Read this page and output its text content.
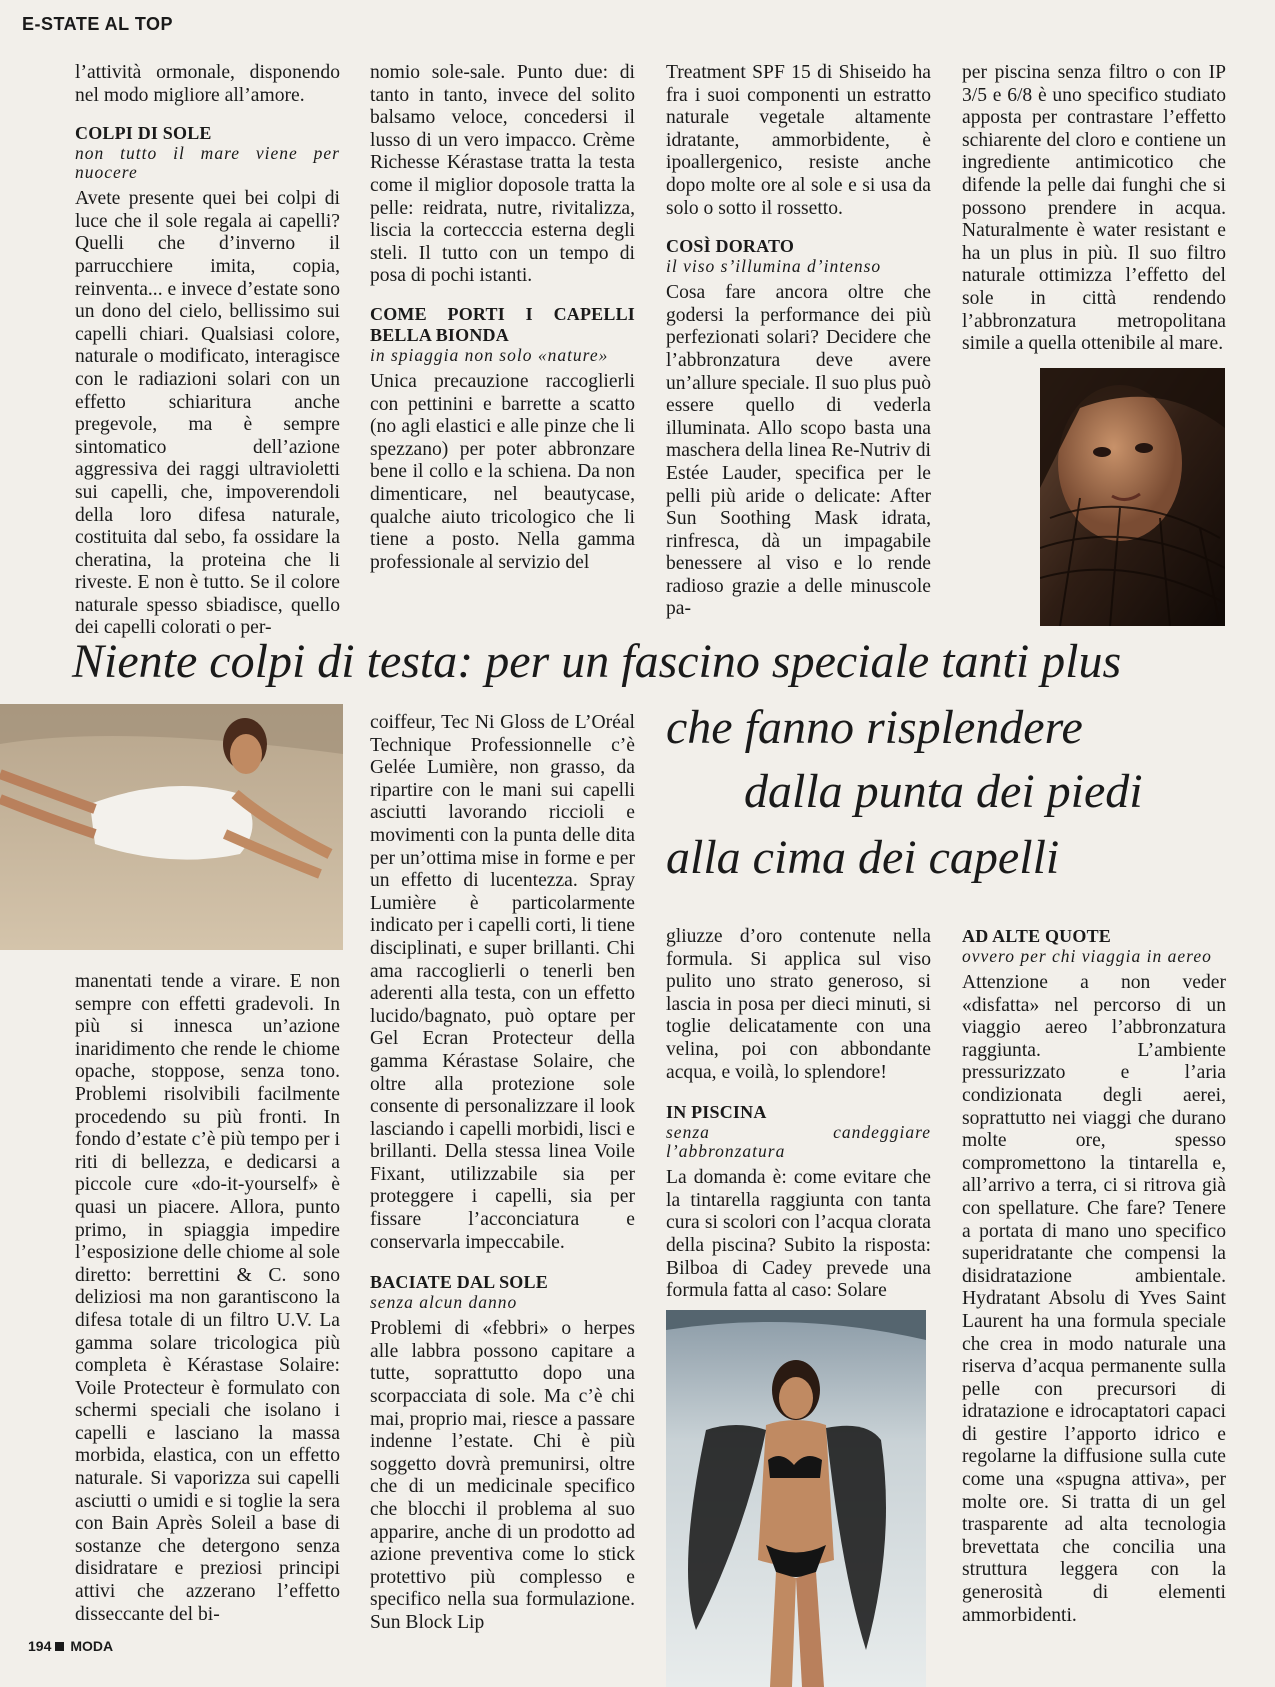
E-STATE AL TOP

l’attività ormonale, disponendo nel modo migliore all’amore.

COLPI DI SOLE
non tutto il mare viene per nuocere

Avete presente quei bei colpi di luce che il sole regala ai capelli? Quelli che d’inverno il parrucchiere imita, copia, reinventa... e invece d’estate sono un dono del cielo, bellissimo sui capelli chiari. Qualsiasi colore, naturale o modificato, interagisce con le radiazioni solari con un effetto schiaritura anche pregevole, ma è sempre sintomatico dell’azione aggressiva dei raggi ultravioletti sui capelli, che, impoverendoli della loro difesa naturale, costituita dal sebo, fa ossidare la cheratina, la proteina che li riveste. E non è tutto. Se il colore naturale spesso sbiadisce, quello dei capelli colorati o per-

nomio sole-sale. Punto due: di tanto in tanto, invece del solito balsamo veloce, concedersi il lusso di un vero impacco. Crème Richesse Kérastase tratta la testa come il miglior doposole tratta la pelle: reidrata, nutre, rivitalizza, liscia la cortecccia esterna degli steli. Il tutto con un tempo di posa di pochi istanti.

COME PORTI I CAPELLI BELLA BIONDA
in spiaggia non solo «nature»

Unica precauzione raccoglierli con pettinini e barrette a scatto (no agli elastici e alle pinze che li spezzano) per poter abbronzare bene il collo e la schiena. Da non dimenticare, nel beautycase, qualche aiuto tricologico che li tiene a posto. Nella gamma professionale al servizio del

Treatment SPF 15 di Shiseido ha fra i suoi componenti un estratto naturale vegetale altamente idratante, ammorbidente, è ipoallergenico, resiste anche dopo molte ore al sole e si usa da solo o sotto il rossetto.

COSÌ DORATO
il viso s’illumina d’intenso

Cosa fare ancora oltre che godersi la performance dei più perfezionati solari? Decidere che l’abbronzatura deve avere un’allure speciale. Il suo plus può essere quello di vederla illuminata. Allo scopo basta una maschera della linea Re-Nutriv di Estée Lauder, specifica per le pelli più aride o delicate: After Sun Soothing Mask idrata, rinfresca, dà un impagabile benessere al viso e lo rende radioso grazie a delle minuscole pa-

per piscina senza filtro o con IP 3/5 e 6/8 è uno specifico studiato apposta per contrastare l’effetto schiarente del cloro e contiene un ingrediente antimicotico che difende la pelle dai funghi che si possono prendere in acqua. Naturalmente è water resistant e ha un plus in più. Il suo filtro naturale ottimizza l’effetto del sole in città rendendo l’abbronzatura metropolitana simile a quella ottenibile al mare.

Niente colpi di testa: per un fascino speciale tanti plus
che fanno risplendere
dalla punta dei piedi
alla cima dei capelli

manentati tende a virare. E non sempre con effetti gradevoli. In più si innesca un’azione inaridimento che rende le chiome opache, stoppose, senza tono. Problemi risolvibili facilmente procedendo su più fronti. In fondo d’estate c’è più tempo per i riti di bellezza, e dedicarsi a piccole cure «do-it-yourself» è quasi un piacere. Allora, punto primo, in spiaggia impedire l’esposizione delle chiome al sole diretto: berrettini & C. sono deliziosi ma non garantiscono la difesa totale di un filtro U.V. La gamma solare tricologica più completa è Kérastase Solaire: Voile Protecteur è formulato con schermi speciali che isolano i capelli e lasciano la massa morbida, elastica, con un effetto naturale. Si vaporizza sui capelli asciutti o umidi e si toglie la sera con Bain Après Soleil a base di sostanze che detergono senza disidratare e preziosi principi attivi che azzerano l’effetto disseccante del bi-

coiffeur, Tec Ni Gloss de L’Oréal Technique Professionnelle c’è Gelée Lumière, non grasso, da ripartire con le mani sui capelli asciutti lavorando riccioli e movimenti con la punta delle dita per un’ottima mise in forme e per un effetto di lucentezza. Spray Lumière è particolarmente indicato per i capelli corti, li tiene disciplinati, e super brillanti. Chi ama raccoglierli o tenerli ben aderenti alla testa, con un effetto lucido/bagnato, può optare per Gel Ecran Protecteur della gamma Kérastase Solaire, che oltre alla protezione sole consente di personalizzare il look lasciando i capelli morbidi, lisci e brillanti. Della stessa linea Voile Fixant, utilizzabile sia per proteggere i capelli, sia per fissare l’acconciatura e conservarla impeccabile.

BACIATE DAL SOLE
senza alcun danno

Problemi di «febbri» o herpes alle labbra possono capitare a tutte, soprattutto dopo una scorpacciata di sole. Ma c’è chi mai, proprio mai, riesce a passare indenne l’estate. Chi è più soggetto dovrà premunirsi, oltre che di un medicinale specifico che blocchi il problema al suo apparire, anche di un prodotto ad azione preventiva come lo stick protettivo più complesso e specifico nella sua formulazione. Sun Block Lip

gliuzze d’oro contenute nella formula. Si applica sul viso pulito uno strato generoso, si lascia in posa per dieci minuti, si toglie delicatamente con una velina, poi con abbondante acqua, e voilà, lo splendore!

IN PISCINA
senza candeggiare l’abbronzatura

La domanda è: come evitare che la tintarella raggiunta con tanta cura si scolori con l’acqua clorata della piscina? Subito la risposta: Bilboa di Cadey prevede una formula fatta al caso: Solare

AD ALTE QUOTE
ovvero per chi viaggia in aereo

Attenzione a non veder «disfatta» nel percorso di un viaggio aereo l’abbronzatura raggiunta. L’ambiente pressurizzato e l’aria condizionata degli aerei, soprattutto nei viaggi che durano molte ore, spesso compromettono la tintarella e, all’arrivo a terra, ci si ritrova già con spellature. Che fare? Tenere a portata di mano uno specifico superidratante che compensi la disidratazione ambientale. Hydratant Absolu di Yves Saint Laurent ha una formula speciale che crea in modo naturale una riserva d’acqua permanente sulla pelle con precursori di idratazione e idrocaptatori capaci di gestire l’apporto idrico e regolarne la diffusione sulla cute come una «spugna attiva», per molte ore. Si tratta di un gel trasparente ad alta tecnologia brevettata che concilia una struttura leggera con la generosità di elementi ammorbidenti.

194 MODA
